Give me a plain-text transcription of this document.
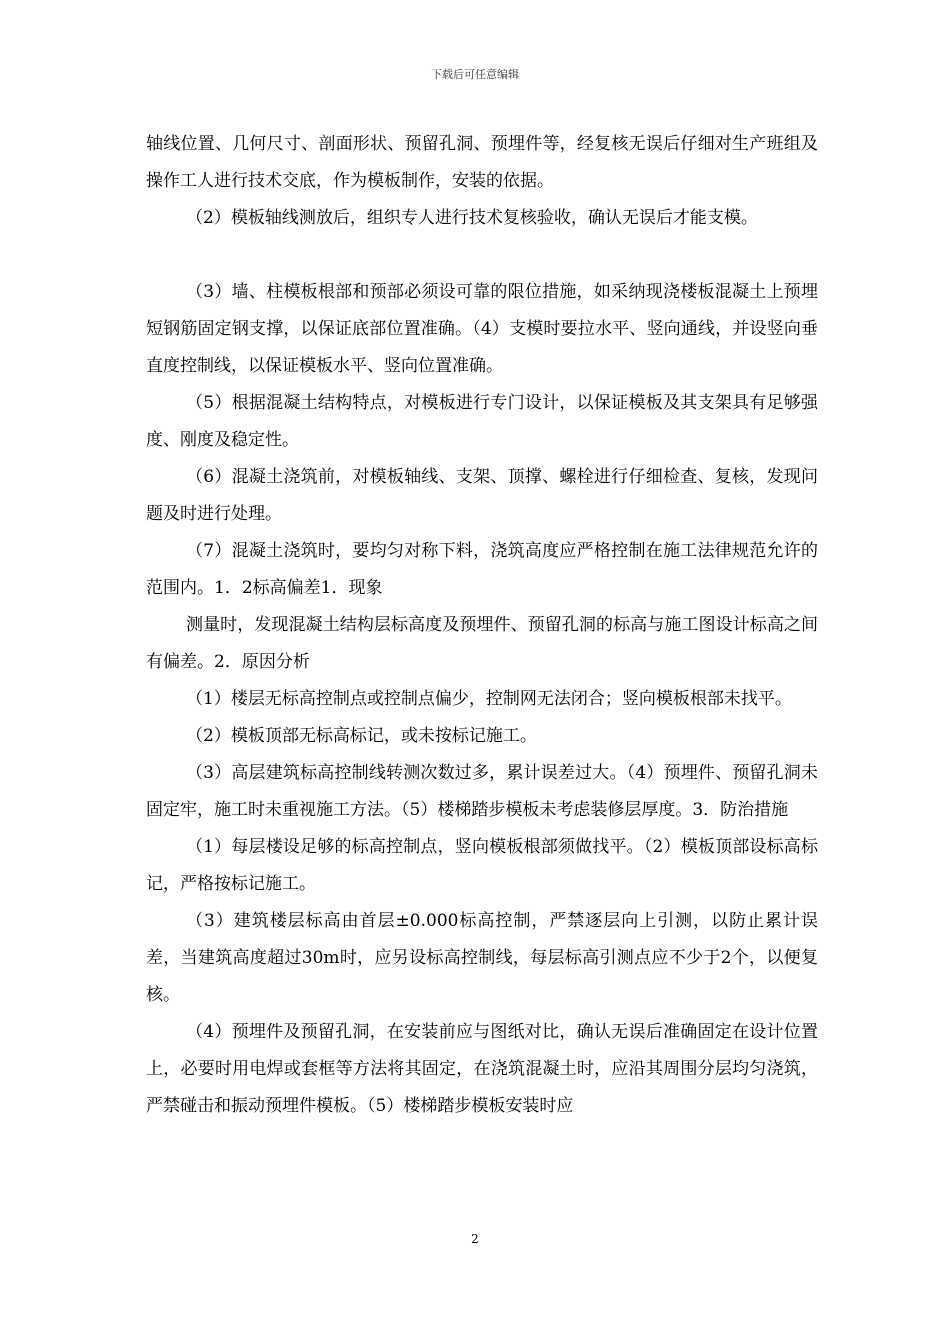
下载后可任意编辑

轴线位置、几何尺寸、剖面形状、预留孔洞、预埋件等，经复核无误后仔细对生产班组及操作工人进行技术交底，作为模板制作，安装的依据。

（2）模板轴线测放后，组织专人进行技术复核验收，确认无误后才能支模。

（3）墙、柱模板根部和预部必须设可靠的限位措施，如采纳现浇楼板混凝土上预埋短钢筋固定钢支撑，以保证底部位置准确。（4）支模时要拉水平、竖向通线，并设竖向垂直度控制线，以保证模板水平、竖向位置准确。

（5）根据混凝土结构特点，对模板进行专门设计，以保证模板及其支架具有足够强度、刚度及稳定性。

（6）混凝土浇筑前，对模板轴线、支架、顶撑、螺栓进行仔细检查、复核，发现问题及时进行处理。

（7）混凝土浇筑时，要均匀对称下料，浇筑高度应严格控制在施工法律规范允许的范围内。1．2标高偏差1．现象

测量时，发现混凝土结构层标高度及预埋件、预留孔洞的标高与施工图设计标高之间有偏差。2．原因分析

（1）楼层无标高控制点或控制点偏少，控制网无法闭合；竖向模板根部未找平。

（2）模板顶部无标高标记，或未按标记施工。

（3）高层建筑标高控制线转测次数过多，累计误差过大。（4）预埋件、预留孔洞未固定牢，施工时未重视施工方法。（5）楼梯踏步模板未考虑装修层厚度。3．防治措施

（1）每层楼设足够的标高控制点，竖向模板根部须做找平。（2）模板顶部设标高标记，严格按标记施工。

（3）建筑楼层标高由首层±0.000标高控制，严禁逐层向上引测，以防止累计误差，当建筑高度超过30m时，应另设标高控制线，每层标高引测点应不少于2个，以便复核。

（4）预埋件及预留孔洞，在安装前应与图纸对比，确认无误后准确固定在设计位置上，必要时用电焊或套框等方法将其固定，在浇筑混凝土时，应沿其周围分层均匀浇筑，严禁碰击和振动预埋件模板。（5）楼梯踏步模板安装时应

2
